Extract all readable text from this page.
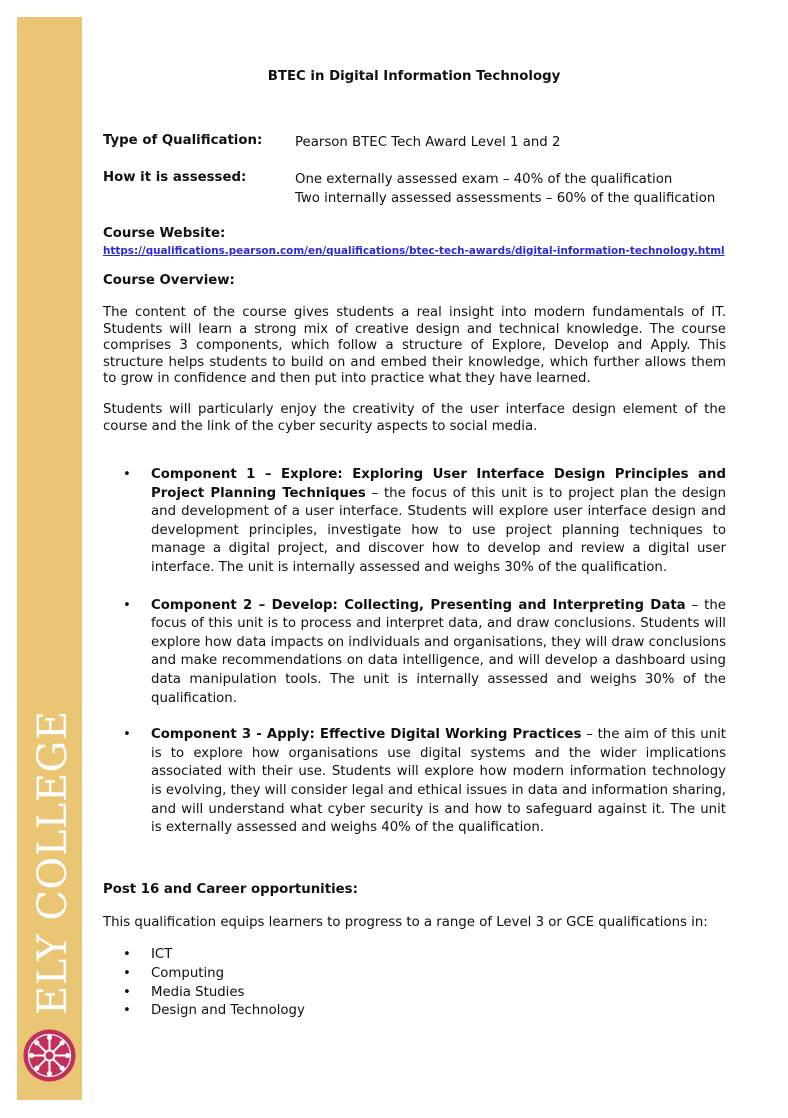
ELY COLLEGE
BTEC in Digital Information Technology
Type of Qualification: Pearson BTEC Tech Award Level 1 and 2
How it is assessed:	One externally assessed exam – 40% of the qualification
Two internally assessed assessments – 60% of the qualification
Course Website:
https://qualifications.pearson.com/en/qualifications/btec-tech-awards/digital-information-technology.html
Course Overview:

The content of the course gives students a real insight into modern fundamentals of IT. Students will learn a strong mix of creative design and technical knowledge. The course comprises 3 components, which follow a structure of Explore, Develop and Apply. This structure helps students to build on and embed their knowledge, which further allows them to grow in confidence and then put into practice what they have learned.

Students will particularly enjoy the creativity of the user interface design element of the course and the link of the cyber security aspects to social media.

• Component 1 – Explore: Exploring User Interface Design Principles and Project Planning Techniques – the focus of this unit is to project plan the design and development of a user interface. Students will explore user interface design and development principles, investigate how to use project planning techniques to manage a digital project, and discover how to develop and review a digital user interface. The unit is internally assessed and weighs 30% of the qualification.
• Component 2 – Develop: Collecting, Presenting and Interpreting Data – the focus of this unit is to process and interpret data, and draw conclusions. Students will explore how data impacts on individuals and organisations, they will draw conclusions and make recommendations on data intelligence, and will develop a dashboard using data manipulation tools. The unit is internally assessed and weighs 30% of the qualification.
• Component 3 - Apply: Effective Digital Working Practices – the aim of this unit is to explore how organisations use digital systems and the wider implications associated with their use. Students will explore how modern information technology is evolving, they will consider legal and ethical issues in data and information sharing, and will understand what cyber security is and how to safeguard against it. The unit is externally assessed and weighs 40% of the qualification.
Post 16 and Career opportunities:

This qualification equips learners to progress to a range of Level 3 or GCE qualifications in:

• ICT
• Computing
• Media Studies
• Design and Technology
